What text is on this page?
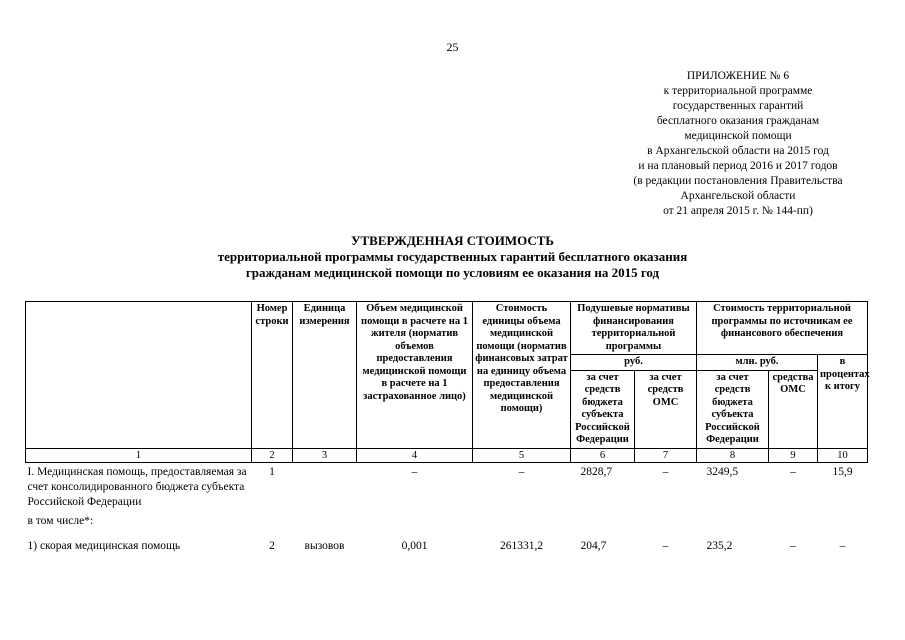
25
ПРИЛОЖЕНИЕ № 6
к территориальной программе
государственных гарантий
бесплатного оказания гражданам
медицинской помощи
в Архангельской области на 2015 год
и на плановый период 2016 и 2017 годов
(в редакции постановления Правительства
Архангельской области
от 21 апреля 2015 г. № 144-пп)
УТВЕРЖДЕННАЯ СТОИМОСТЬ
территориальной программы государственных гарантий бесплатного оказания
гражданам медицинской помощи по условиям ее оказания на 2015 год
	Номер строки	Единица измерения	Объем медицинской помощи в расчете на 1 жителя (норматив объемов предоставления медицинской помощи в расчете на 1 застрахованное лицо)	Стоимость единицы объема медицинской помощи (норматив финансовых затрат на единицу объема предоставления медицинской помощи)	Подушевые нормативы финансирования территориальной программы		Стоимость территориальной программы по источникам ее финансового обеспечения		
					руб.		млн. руб.		в процентах к итогу
					за счет средств бюджета субъекта Российской Федерации	за счет средств ОМС	за счет средств бюджета субъекта Российской Федерации	средства ОМС	
1	2	3	4	5	6	7	8	9	10
I. Медицинская помощь, предоставляемая за счет консолидированного бюджета субъекта Российской Федерации	1		–	–	2828,7	–	3249,5	–	15,9
в том числе*:									

1) скорая медицинская помощь	2	вызовов	0,001	261331,2	204,7	–	235,2	–	–
